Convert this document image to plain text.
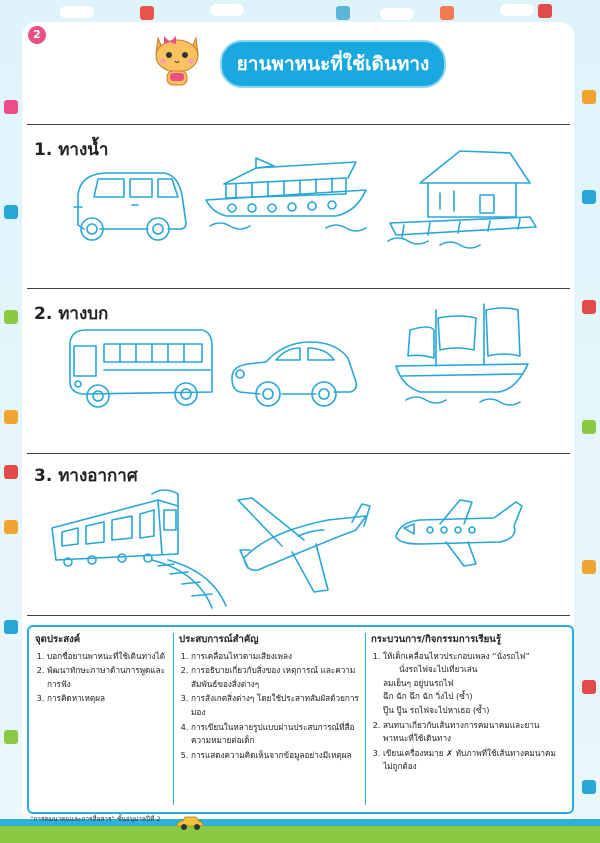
2
ยานพาหนะที่ใช้เดินทาง
1. ทางน้ำ
2. ทางบก
3. ทางอากาศ
จุดประสงค์
1. บอกชื่อยานพาหนะที่ใช้เดินทางได้
2. พัฒนาทักษะภาษาด้านการพูดและการฟัง
3. การคิดหาเหตุผล
ประสบการณ์สำคัญ
1. การเคลื่อนไหวตามเสียงเพลง
2. การอธิบายเกี่ยวกับสิ่งของ เหตุการณ์ และความสัมพันธ์ของสิ่งต่างๆ
3. การสังเกตสิ่งต่างๆ โดยใช้ประสาทสัมผัสด้วยการมอง
4. การเขียนในหลายรูปแบบผ่านประสบการณ์ที่สื่อความหมายต่อเด็ก
5. การแสดงความคิดเห็นจากข้อมูลอย่างมีเหตุผล
กระบวนการ/กิจกรรมการเรียนรู้
1. ให้เด็กเคลื่อนไหวประกอบเพลง “นั่งรถไฟ”
นั่งรถไฟจะไปเที่ยวเล่น
ลมเย็นๆ อยู่บนรถไฟ
ฉึก ฉัก ฉึก ฉัก วิ่งไป (ซ้ำ)
ปู๊น ปู๊น รถไฟจะไปหาเธอ (ซ้ำ)
2. สนทนาเกี่ยวกับเส้นทางการคมนาคมและยานพาหนะที่ใช้เดินทาง
3. เขียนเครื่องหมาย ✗ ทับภาพที่ใช้เส้นทางคมนาคมไม่ถูกต้อง
“การคมนาคมและการสื่อสาร” ชั้นอนุบาลปีที่ 2
